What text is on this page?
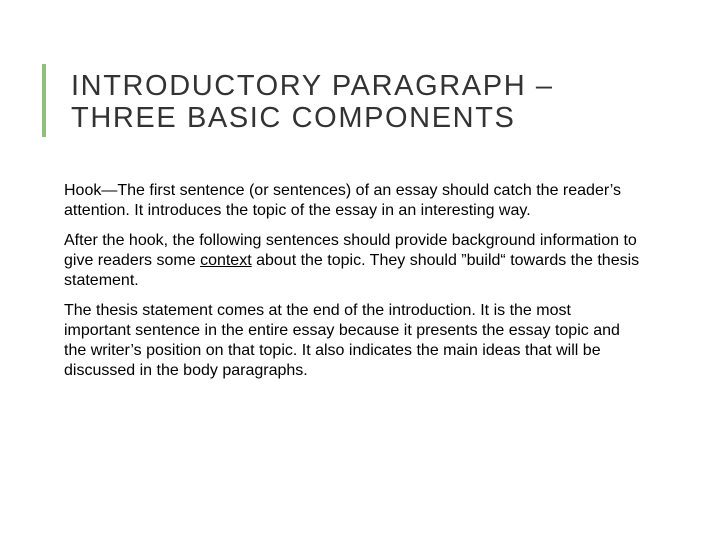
INTRODUCTORY PARAGRAPH –
THREE BASIC COMPONENTS

Hook—The first sentence (or sentences) of an essay should catch the reader’s attention. It introduces the topic of the essay in an interesting way.

After the hook, the following sentences should provide background information to give readers some context about the topic. They should ”build“ towards the thesis statement.

The thesis statement comes at the end of the introduction. It is the most important sentence in the entire essay because it presents the essay topic and the writer’s position on that topic. It also indicates the main ideas that will be discussed in the body paragraphs.
